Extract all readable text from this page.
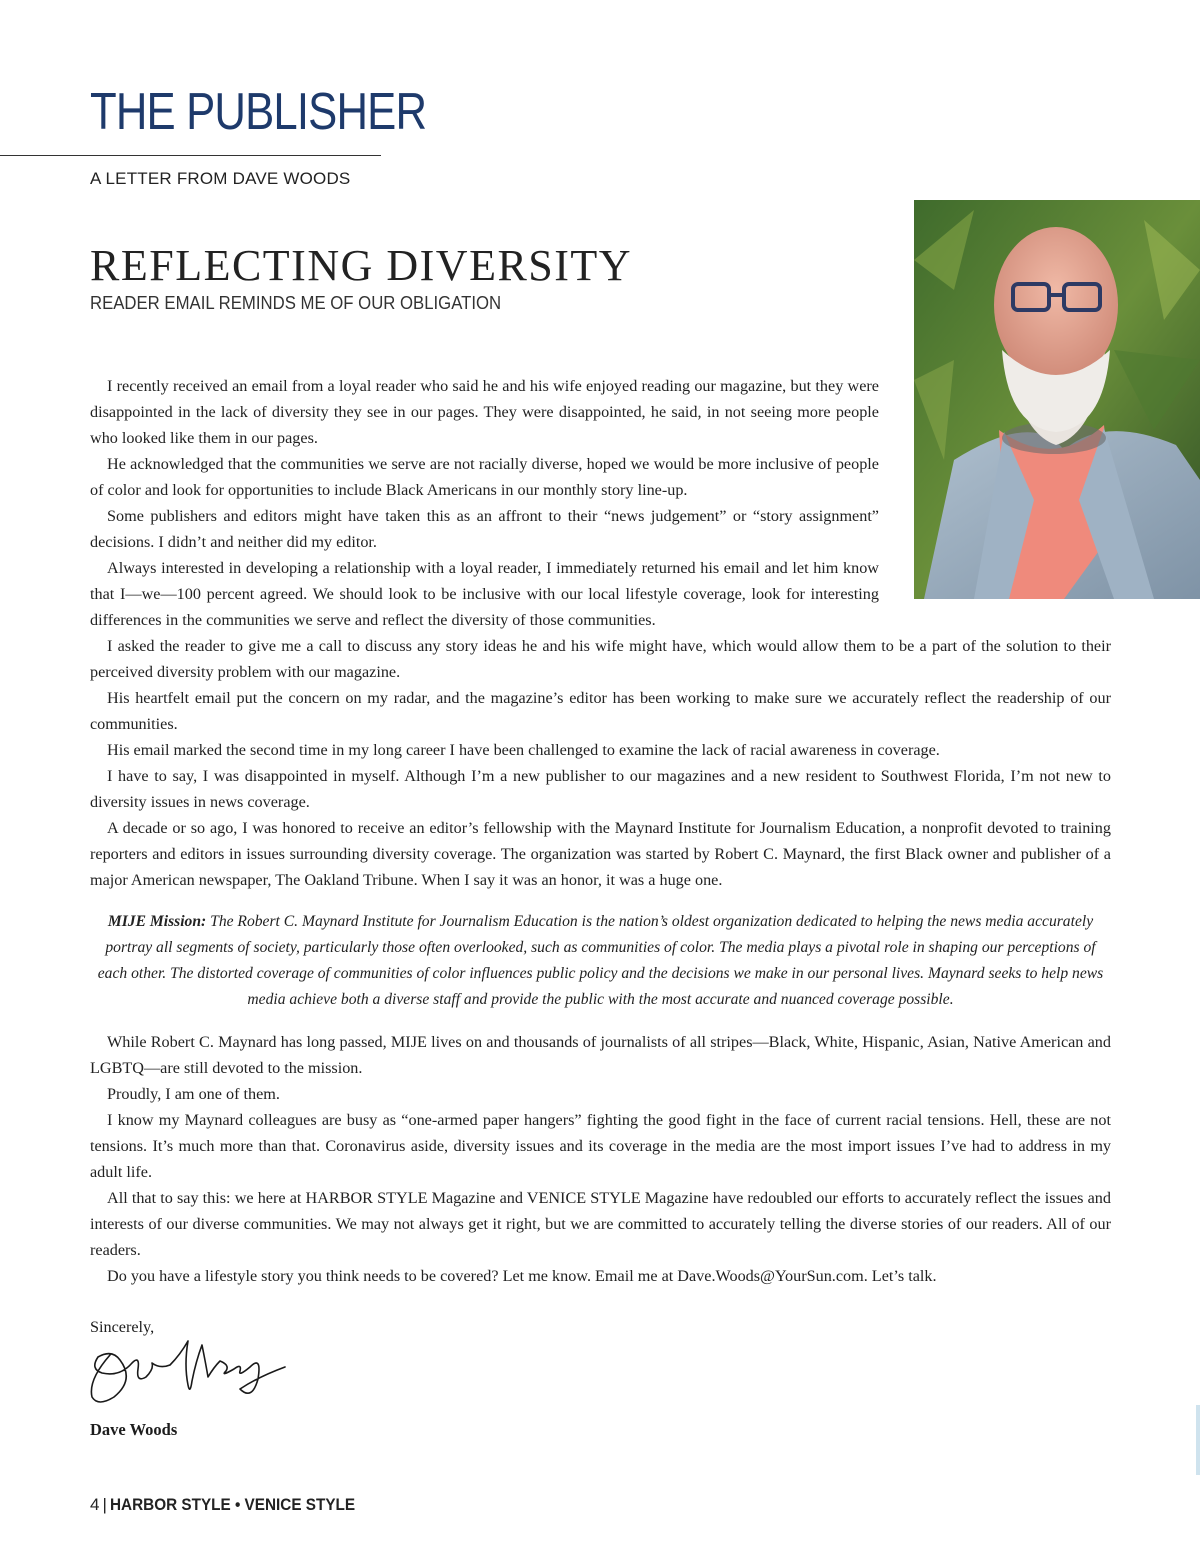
THE PUBLISHER
A LETTER FROM DAVE WOODS
REFLECTING DIVERSITY
READER EMAIL REMINDS ME OF OUR OBLIGATION

I recently received an email from a loyal reader who said he and his wife enjoyed reading our magazine, but they were disappointed in the lack of diversity they see in our pages. They were disappointed, he said, in not seeing more people who looked like them in our pages.

He acknowledged that the communities we serve are not racially diverse, hoped we would be more inclusive of people of color and look for opportunities to include Black Americans in our monthly story line-up.

Some publishers and editors might have taken this as an affront to their “news judgement” or “story assignment” decisions. I didn’t and neither did my editor.

Always interested in developing a relationship with a loyal reader, I immediately returned his email and let him know that I—we—100 percent agreed. We should look to be inclusive with our local lifestyle coverage, look for interesting differences in the communities we serve and reflect the diversity of those communities.

I asked the reader to give me a call to discuss any story ideas he and his wife might have, which would allow them to be a part of the solution to their perceived diversity problem with our magazine.

His heartfelt email put the concern on my radar, and the magazine’s editor has been working to make sure we accurately reflect the readership of our communities.

His email marked the second time in my long career I have been challenged to examine the lack of racial awareness in coverage.

I have to say, I was disappointed in myself. Although I’m a new publisher to our magazines and a new resident to Southwest Florida, I’m not new to diversity issues in news coverage.

A decade or so ago, I was honored to receive an editor’s fellowship with the Maynard Institute for Journalism Education, a nonprofit devoted to training reporters and editors in issues surrounding diversity coverage. The organization was started by Robert C. Maynard, the first Black owner and publisher of a major American newspaper, The Oakland Tribune. When I say it was an honor, it was a huge one.

MIJE Mission: The Robert C. Maynard Institute for Journalism Education is the nation’s oldest organization dedicated to helping the news media accurately portray all segments of society, particularly those often overlooked, such as communities of color. The media plays a pivotal role in shaping our perceptions of each other. The distorted coverage of communities of color influences public policy and the decisions we make in our personal lives. Maynard seeks to help news media achieve both a diverse staff and provide the public with the most accurate and nuanced coverage possible.

While Robert C. Maynard has long passed, MIJE lives on and thousands of journalists of all stripes—Black, White, Hispanic, Asian, Native American and LGBTQ—are still devoted to the mission.

Proudly, I am one of them.

I know my Maynard colleagues are busy as “one-armed paper hangers” fighting the good fight in the face of current racial tensions. Hell, these are not tensions. It’s much more than that. Coronavirus aside, diversity issues and its coverage in the media are the most import issues I’ve had to address in my adult life.

All that to say this: we here at HARBOR STYLE Magazine and VENICE STYLE Magazine have redoubled our efforts to accurately reflect the issues and interests of our diverse communities. We may not always get it right, but we are committed to accurately telling the diverse stories of our readers. All of our readers.

Do you have a lifestyle story you think needs to be covered? Let me know. Email me at Dave.Woods@YourSun.com. Let’s talk.

Sincerely,
Dave Woods
4 | HARBOR STYLE • VENICE STYLE
